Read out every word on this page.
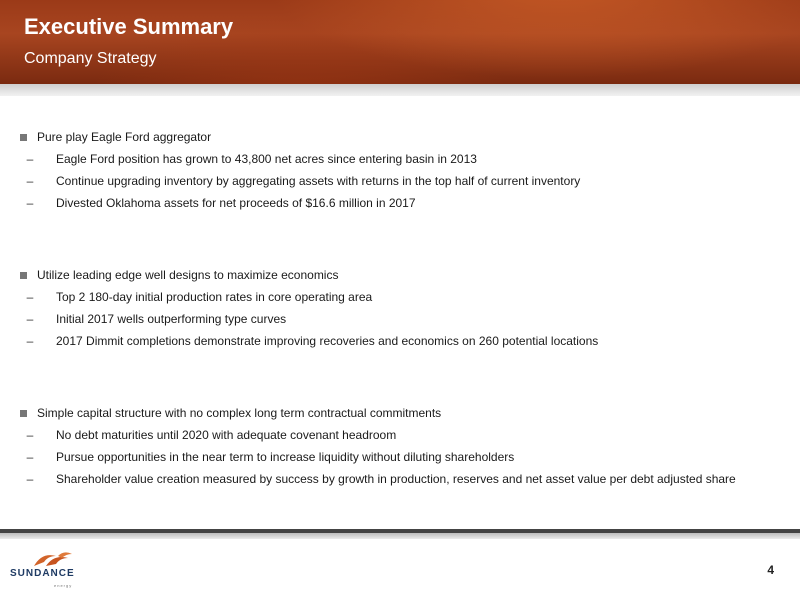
Executive Summary
Company Strategy
Pure play Eagle Ford aggregator
–	Eagle Ford position has grown to 43,800 net acres since entering basin in 2013
–	Continue upgrading inventory by aggregating assets with returns in the top half of current inventory
–	Divested Oklahoma assets for net proceeds of $16.6 million in 2017
Utilize leading edge well designs to maximize economics
–	Top 2 180-day initial production rates in core operating area
–	Initial 2017 wells outperforming type curves
–	2017 Dimmit completions demonstrate improving recoveries and economics on 260 potential locations
Simple capital structure with no complex long term contractual commitments
–	No debt maturities until 2020 with adequate covenant headroom
–	Pursue opportunities in the near term to increase liquidity without diluting shareholders
–	Shareholder value creation measured by success by growth in production, reserves and net asset value per debt adjusted share
SUNDANCE
energy
4
